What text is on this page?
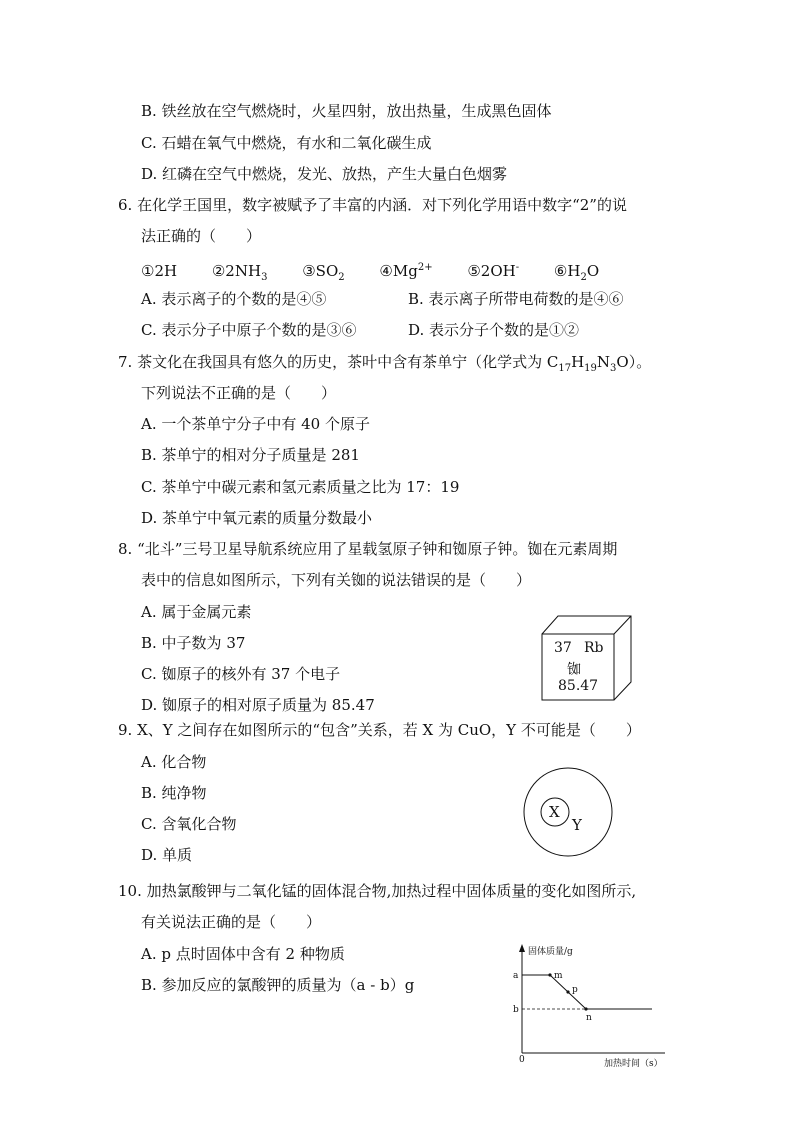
B. 铁丝放在空气燃烧时，火星四射，放出热量，生成黑色固体
C. 石蜡在氧气中燃烧，有水和二氧化碳生成
D. 红磷在空气中燃烧，发光、放热，产生大量白色烟雾
6. 在化学王国里，数字被赋予了丰富的内涵．对下列化学用语中数字“2”的说
法正确的（　　）
①2H $②2NH_3$ $③SO_2$ $④Mg^{2+}$ ⑤2OH- $⑥H_2O$
A. 表示离子的个数的是④⑤	B. 表示离子所带电荷数的是④⑥
C. 表示分子中原子个数的是③⑥	D. 表示分子个数的是①②
7. 茶文化在我国具有悠久的历史，茶叶中含有茶单宁（化学式为 $C_{17}H_{19}N_3O$）。
下列说法不正确的是（　　）
A. 一个茶单宁分子中有 40 个原子
B. 茶单宁的相对分子质量是 281
C. 茶单宁中碳元素和氢元素质量之比为 17：19
D. 茶单宁中氧元素的质量分数最小
8. “北斗”三号卫星导航系统应用了星载氢原子钟和铷原子钟。铷在元素周期
表中的信息如图所示，下列有关铷的说法错误的是（　　）
A. 属于金属元素
B. 中子数为 37
C. 铷原子的核外有 37 个电子
D. 铷原子的相对原子质量为 85.47
37 Rb
铷
85.47
9. X、Y 之间存在如图所示的“包含”关系，若 X 为 CuO，Y 不可能是（　　）
A. 化合物
B. 纯净物
C. 含氧化合物
D. 单质
X
Y
10. 加热氯酸钾与二氧化锰的固体混合物,加热过程中固体质量的变化如图所示,
有关说法正确的是（　　）
A. p 点时固体中含有 2 种物质
B. 参加反应的氯酸钾的质量为（a - b）g
固体质量/g
加热时间（s）
0
a
b
m
p
n
